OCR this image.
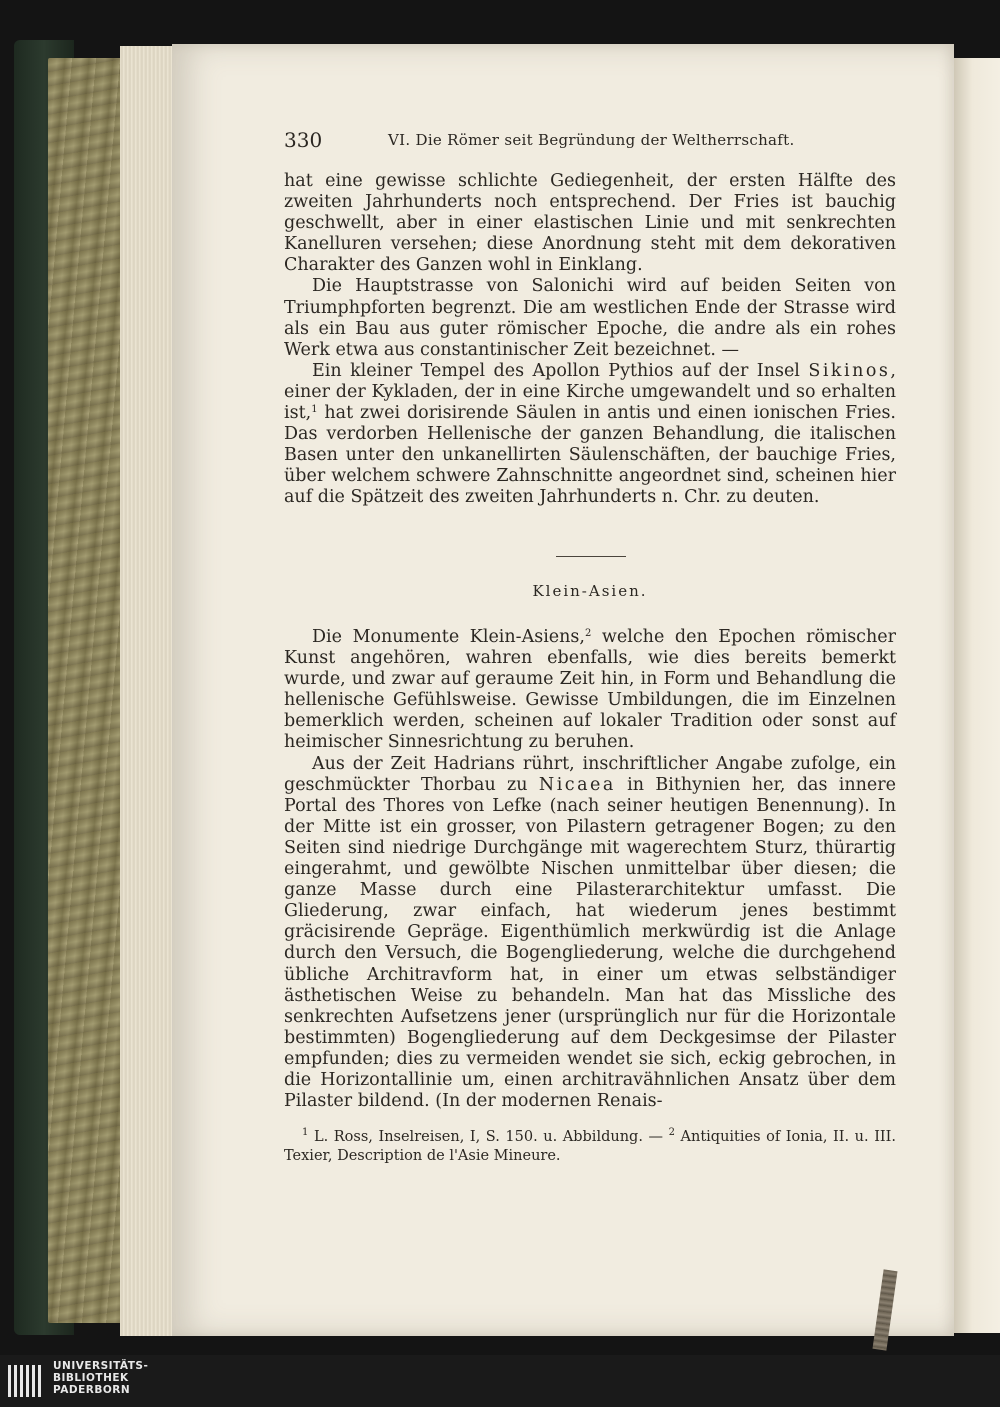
330	VI. Die Römer seit Begründung der Weltherrschaft.

hat eine gewisse schlichte Gediegenheit, der ersten Hälfte des zweiten Jahrhunderts noch entsprechend. Der Fries ist bauchig geschwellt, aber in einer elastischen Linie und mit senkrechten Kanelluren versehen; diese Anordnung steht mit dem dekorativen Charakter des Ganzen wohl in Einklang.

Die Hauptstrasse von Salonichi wird auf beiden Seiten von Triumphpforten begrenzt. Die am westlichen Ende der Strasse wird als ein Bau aus guter römischer Epoche, die andre als ein rohes Werk etwa aus constantinischer Zeit bezeichnet. —

Ein kleiner Tempel des Apollon Pythios auf der Insel Sikinos, einer der Kykladen, der in eine Kirche umgewandelt und so erhalten ist,$^1$ hat zwei dorisirende Säulen in antis und einen ionischen Fries. Das verdorben Hellenische der ganzen Behandlung, die italischen Basen unter den unkanellirten Säulenschäften, der bauchige Fries, über welchem schwere Zahnschnitte angeordnet sind, scheinen hier auf die Spätzeit des zweiten Jahrhunderts n. Chr. zu deuten.

Klein-Asien.

Die Monumente Klein-Asiens,$^2$ welche den Epochen römischer Kunst angehören, wahren ebenfalls, wie dies bereits bemerkt wurde, und zwar auf geraume Zeit hin, in Form und Behandlung die hellenische Gefühlsweise. Gewisse Umbildungen, die im Einzelnen bemerklich werden, scheinen auf lokaler Tradition oder sonst auf heimischer Sinnesrichtung zu beruhen.

Aus der Zeit Hadrians rührt, inschriftlicher Angabe zufolge, ein geschmückter Thorbau zu Nicaea in Bithynien her, das innere Portal des Thores von Lefke (nach seiner heutigen Benennung). In der Mitte ist ein grosser, von Pilastern getragener Bogen; zu den Seiten sind niedrige Durchgänge mit wagerechtem Sturz, thürartig eingerahmt, und gewölbte Nischen unmittelbar über diesen; die ganze Masse durch eine Pilasterarchitektur umfasst. Die Gliederung, zwar einfach, hat wiederum jenes bestimmt gräcisirende Gepräge. Eigenthümlich merkwürdig ist die Anlage durch den Versuch, die Bogengliederung, welche die durchgehend übliche Architravform hat, in einer um etwas selbständiger ästhetischen Weise zu behandeln. Man hat das Missliche des senkrechten Aufsetzens jener (ursprünglich nur für die Horizontale bestimmten) Bogengliederung auf dem Deckgesimse der Pilaster empfunden; dies zu vermeiden wendet sie sich, eckig gebrochen, in die Horizontallinie um, einen architravähnlichen Ansatz über dem Pilaster bildend. (In der modernen Renais-

$^1$ L. Ross, Inselreisen, I, S. 150. u. Abbildung. — $^2$ Antiquities of Ionia, II. u. III. Texier, Description de l'Asie Mineure.

UNIVERSITÄTS-
BIBLIOTHEK
PADERBORN
